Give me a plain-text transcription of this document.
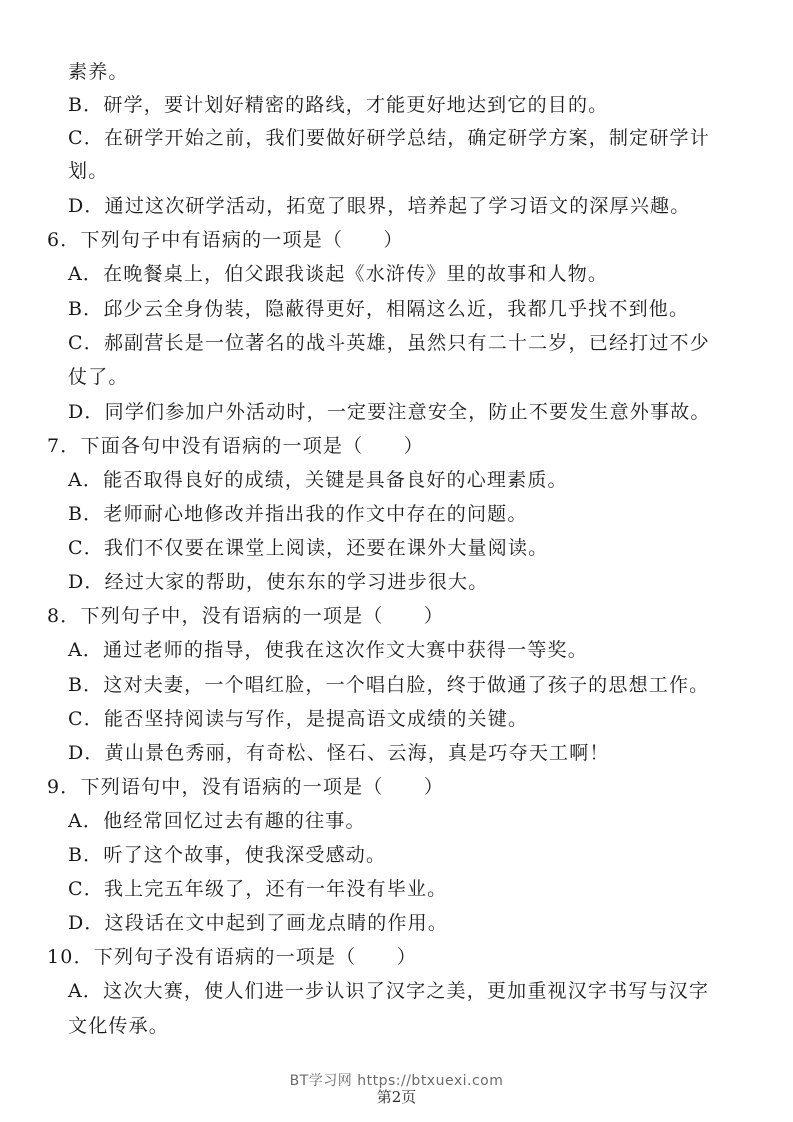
素养。
B．研学，要计划好精密的路线，才能更好地达到它的目的。
C．在研学开始之前，我们要做好研学总结，确定研学方案，制定研学计
划。
D．通过这次研学活动，拓宽了眼界，培养起了学习语文的深厚兴趣。
6．下列句子中有语病的一项是（　　）
A．在晚餐桌上，伯父跟我谈起《水浒传》里的故事和人物。
B．邱少云全身伪装，隐蔽得更好，相隔这么近，我都几乎找不到他。
C．郝副营长是一位著名的战斗英雄，虽然只有二十二岁，已经打过不少
仗了。
D．同学们参加户外活动时，一定要注意安全，防止不要发生意外事故。
7．下面各句中没有语病的一项是（　　）
A．能否取得良好的成绩，关键是具备良好的心理素质。
B．老师耐心地修改并指出我的作文中存在的问题。
C．我们不仅要在课堂上阅读，还要在课外大量阅读。
D．经过大家的帮助，使东东的学习进步很大。
8．下列句子中，没有语病的一项是（　　）
A．通过老师的指导，使我在这次作文大赛中获得一等奖。
B．这对夫妻，一个唱红脸，一个唱白脸，终于做通了孩子的思想工作。
C．能否坚持阅读与写作，是提高语文成绩的关键。
D．黄山景色秀丽，有奇松、怪石、云海，真是巧夺天工啊！
9．下列语句中，没有语病的一项是（　　）
A．他经常回忆过去有趣的往事。
B．听了这个故事，使我深受感动。
C．我上完五年级了，还有一年没有毕业。
D．这段话在文中起到了画龙点睛的作用。
10．下列句子没有语病的一项是（　　）
A．这次大赛，使人们进一步认识了汉字之美，更加重视汉字书写与汉字
文化传承。
BT学习网 https://btxuexi.com
第2页
